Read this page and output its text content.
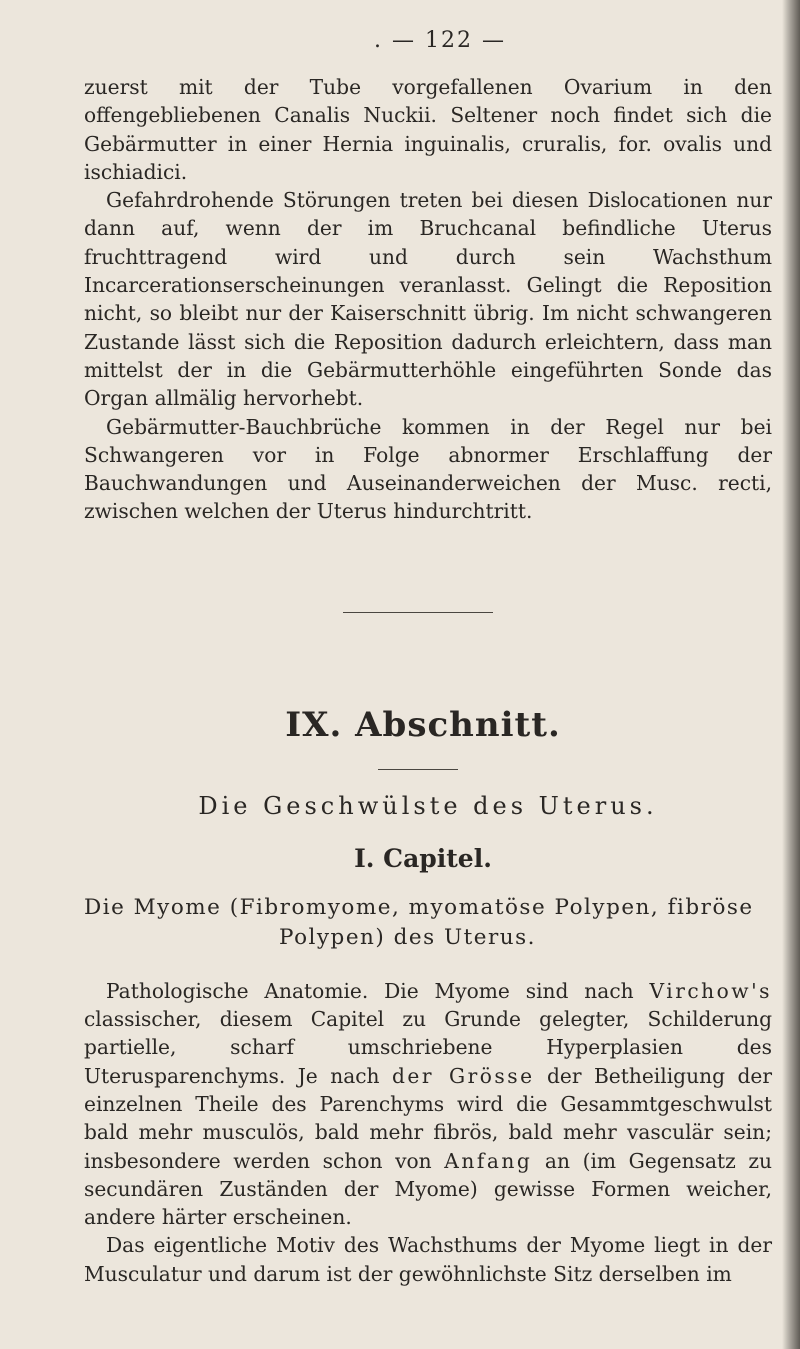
. — 122 —

zuerst mit der Tube vorgefallenen Ovarium in den offengebliebenen Canalis Nuckii. Seltener noch findet sich die Gebärmutter in einer Hernia inguinalis, cruralis, for. ovalis und ischiadici.

Gefahrdrohende Störungen treten bei diesen Dislocationen nur dann auf, wenn der im Bruchcanal befindliche Uterus fruchttragend wird und durch sein Wachsthum Incarcerationserscheinungen veranlasst. Gelingt die Reposition nicht, so bleibt nur der Kaiserschnitt übrig. Im nicht schwangeren Zustande lässt sich die Reposition dadurch erleichtern, dass man mittelst der in die Gebärmutterhöhle eingeführten Sonde das Organ allmälig hervorhebt.

Gebärmutter-Bauchbrüche kommen in der Regel nur bei Schwangeren vor in Folge abnormer Erschlaffung der Bauchwandungen und Auseinanderweichen der Musc. recti, zwischen welchen der Uterus hindurchtritt.

IX. Abschnitt.
Die Geschwülste des Uterus.
I. Capitel.

Die Myome (Fibromyome, myomatöse Polypen, fibröse

Polypen) des Uterus.

Pathologische Anatomie. Die Myome sind nach Virchow's classischer, diesem Capitel zu Grunde gelegter, Schilderung partielle, scharf umschriebene Hyperplasien des Uterusparenchyms. Je nach der Grösse der Betheiligung der einzelnen Theile des Parenchyms wird die Gesammtgeschwulst bald mehr musculös, bald mehr fibrös, bald mehr vasculär sein; insbesondere werden schon von Anfang an (im Gegensatz zu secundären Zuständen der Myome) gewisse Formen weicher, andere härter erscheinen.

Das eigentliche Motiv des Wachsthums der Myome liegt in der Musculatur und darum ist der gewöhnlichste Sitz derselben im
